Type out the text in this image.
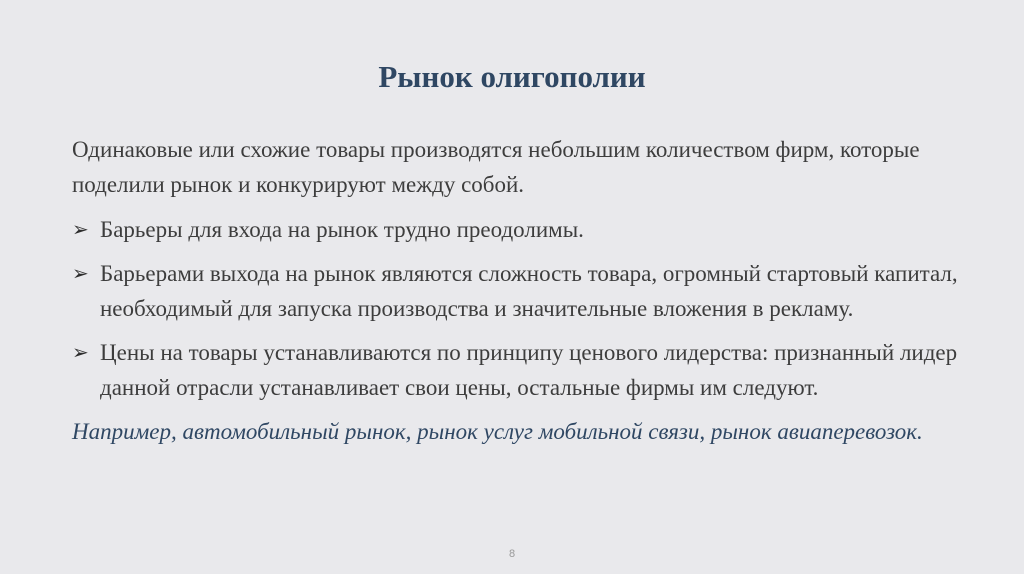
Рынок олигополии

Одинаковые или схожие товары производятся небольшим количеством фирм, которые поделили рынок и конкурируют между собой.

➢ Барьеры для входа на рынок трудно преодолимы.
➢ Барьерами выхода на рынок являются сложность товара, огромный стартовый капитал, необходимый для запуска производства и значительные вложения в рекламу.
➢ Цены на товары устанавливаются по принципу ценового лидерства: признанный лидер данной отрасли устанавливает свои цены, остальные фирмы им следуют.

Например, автомобильный рынок, рынок услуг мобильной связи, рынок авиаперевозок.

8
